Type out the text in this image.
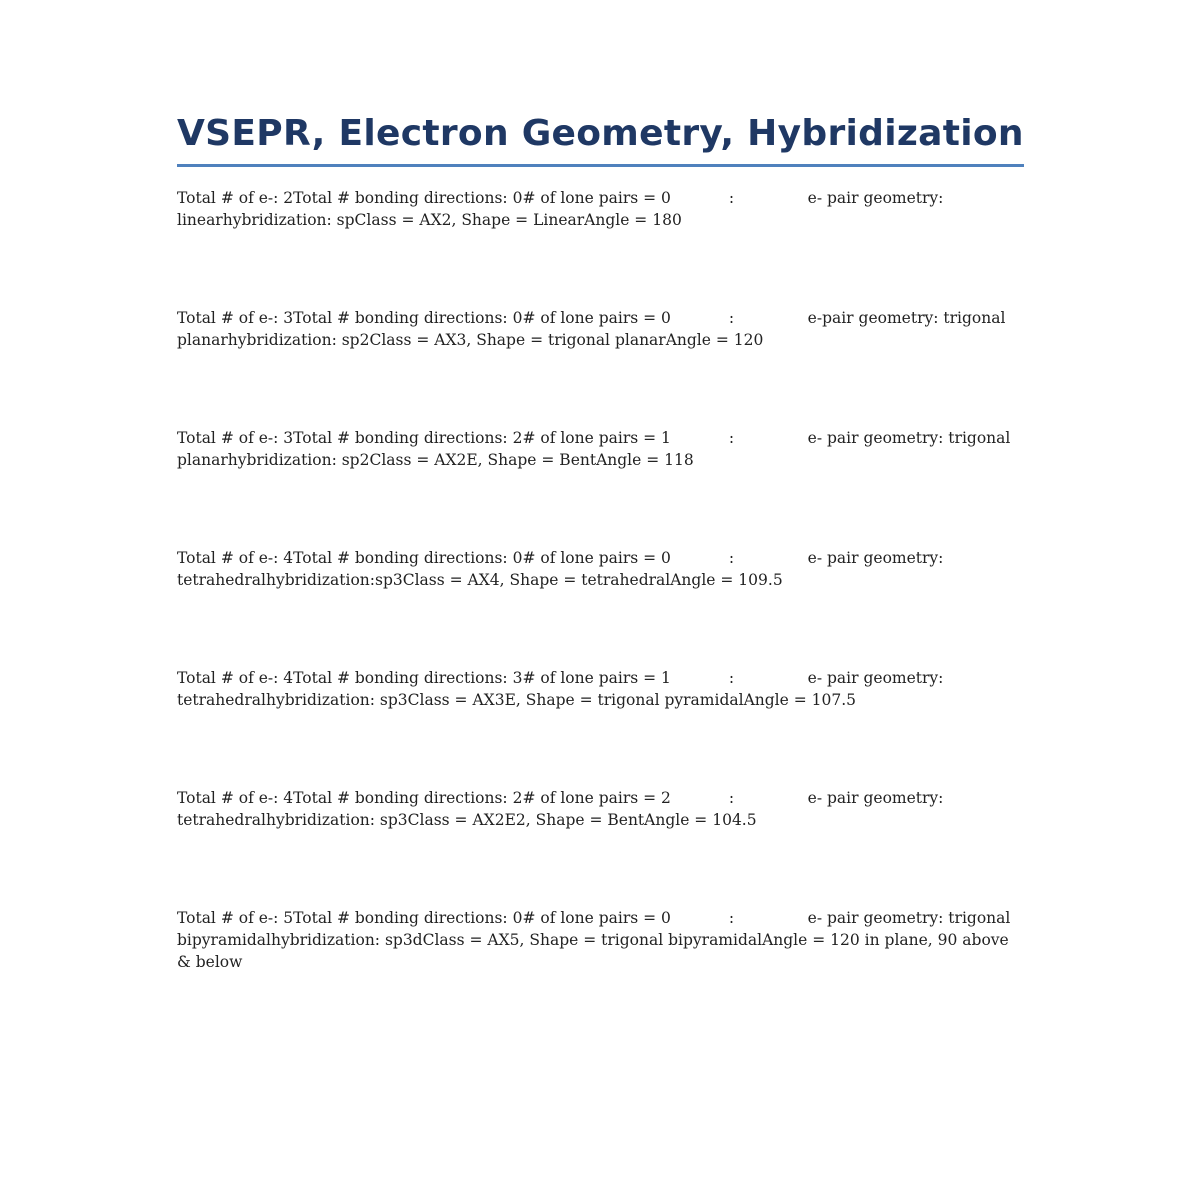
VSEPR, Electron Geometry, Hybridization

Total # of e-: 2Total # bonding directions: 0# of lone pairs = 0		:		e- pair geometry: linearhybridization: spClass = AX2, Shape = LinearAngle = 180

Total # of e-: 3Total # bonding directions: 0# of lone pairs = 0		:		e-pair geometry: trigonal planarhybridization: sp2Class = AX3, Shape = trigonal planarAngle = 120

Total # of e-: 3Total # bonding directions: 2# of lone pairs = 1		:		e- pair geometry: trigonal planarhybridization: sp2Class = AX2E, Shape = BentAngle = 118

Total # of e-: 4Total # bonding directions: 0# of lone pairs = 0		:		e- pair geometry: tetrahedralhybridization:sp3Class = AX4, Shape = tetrahedralAngle = 109.5

Total # of e-: 4Total # bonding directions: 3# of lone pairs = 1		:		e- pair geometry: tetrahedralhybridization: sp3Class = AX3E, Shape = trigonal pyramidalAngle = 107.5

Total # of e-: 4Total # bonding directions: 2# of lone pairs = 2		:		e- pair geometry: tetrahedralhybridization: sp3Class = AX2E2, Shape = BentAngle = 104.5

Total # of e-: 5Total # bonding directions: 0# of lone pairs = 0		:		e- pair geometry: trigonal bipyramidalhybridization: sp3dClass = AX5, Shape = trigonal bipyramidalAngle = 120 in plane, 90 above & below
